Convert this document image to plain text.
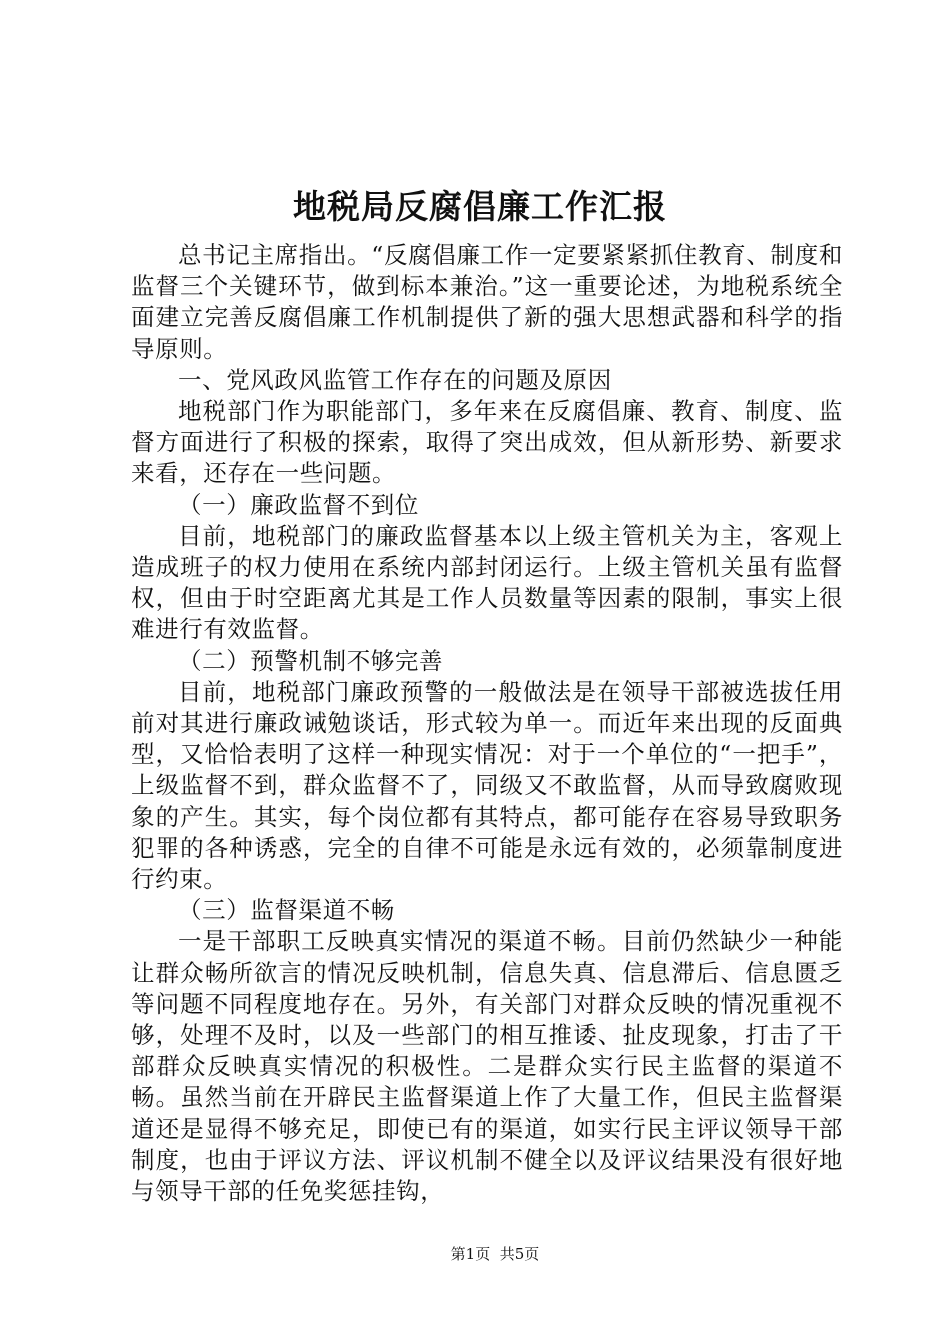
地税局反腐倡廉工作汇报

总书记主席指出。“反腐倡廉工作一定要紧紧抓住教育、制度和监督三个关键环节，做到标本兼治。”这一重要论述，为地税系统全面建立完善反腐倡廉工作机制提供了新的强大思想武器和科学的指导原则。

一、党风政风监管工作存在的问题及原因

地税部门作为职能部门，多年来在反腐倡廉、教育、制度、监督方面进行了积极的探索，取得了突出成效，但从新形势、新要求来看，还存在一些问题。

（一）廉政监督不到位

目前，地税部门的廉政监督基本以上级主管机关为主，客观上造成班子的权力使用在系统内部封闭运行。上级主管机关虽有监督权，但由于时空距离尤其是工作人员数量等因素的限制，事实上很难进行有效监督。

（二）预警机制不够完善

目前，地税部门廉政预警的一般做法是在领导干部被选拔任用前对其进行廉政诫勉谈话，形式较为单一。而近年来出现的反面典型，又恰恰表明了这样一种现实情况：对于一个单位的“一把手”，上级监督不到，群众监督不了，同级又不敢监督，从而导致腐败现象的产生。其实，每个岗位都有其特点，都可能存在容易导致职务犯罪的各种诱惑，完全的自律不可能是永远有效的，必须靠制度进行约束。

（三）监督渠道不畅

一是干部职工反映真实情况的渠道不畅。目前仍然缺少一种能让群众畅所欲言的情况反映机制，信息失真、信息滞后、信息匮乏等问题不同程度地存在。另外，有关部门对群众反映的情况重视不够，处理不及时，以及一些部门的相互推诿、扯皮现象，打击了干部群众反映真实情况的积极性。二是群众实行民主监督的渠道不畅。虽然当前在开辟民主监督渠道上作了大量工作，但民主监督渠道还是显得不够充足，即使已有的渠道，如实行民主评议领导干部制度，也由于评议方法、评议机制不健全以及评议结果没有很好地与领导干部的任免奖惩挂钩，

第1页 共5页
